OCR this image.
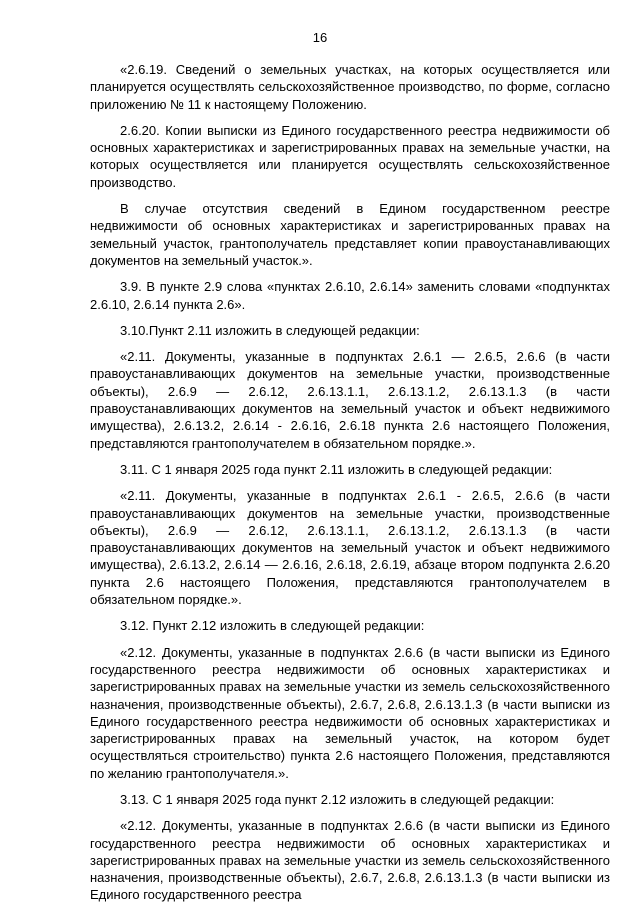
16

«2.6.19. Сведений о земельных участках, на которых осуществляется или планируется осуществлять сельскохозяйственное производство, по форме, согласно приложению № 11 к настоящему Положению.

2.6.20. Копии выписки из Единого государственного реестра недвижимости об основных характеристиках и зарегистрированных правах на земельные участки, на которых осуществляется или планируется осуществлять сельскохозяйственное производство.

В случае отсутствия сведений в Едином государственном реестре недвижимости об основных характеристиках и зарегистрированных правах на земельный участок, грантополучатель представляет копии правоустанавливающих документов на земельный участок.».

3.9. В пункте 2.9 слова «пунктах 2.6.10, 2.6.14» заменить словами «подпунктах 2.6.10, 2.6.14 пункта 2.6».

3.10.Пункт 2.11 изложить в следующей редакции:

«2.11. Документы, указанные в подпунктах 2.6.1 — 2.6.5, 2.6.6 (в части правоустанавливающих документов на земельные участки, производственные объекты), 2.6.9 — 2.6.12, 2.6.13.1.1, 2.6.13.1.2, 2.6.13.1.3 (в части правоустанавливающих документов на земельный участок и объект недвижимого имущества), 2.6.13.2, 2.6.14 - 2.6.16, 2.6.18 пункта 2.6 настоящего Положения, представляются грантополучателем в обязательном порядке.».

3.11. С 1 января 2025 года пункт 2.11 изложить в следующей редакции:

«2.11. Документы, указанные в подпунктах 2.6.1 - 2.6.5, 2.6.6 (в части правоустанавливающих документов на земельные участки, производственные объекты), 2.6.9 — 2.6.12, 2.6.13.1.1, 2.6.13.1.2, 2.6.13.1.3 (в части правоустанавливающих документов на земельный участок и объект недвижимого имущества), 2.6.13.2, 2.6.14 — 2.6.16, 2.6.18, 2.6.19, абзаце втором подпункта 2.6.20 пункта 2.6 настоящего Положения, представляются грантополучателем в обязательном порядке.».

3.12. Пункт 2.12 изложить в следующей редакции:

«2.12. Документы, указанные в подпунктах 2.6.6 (в части выписки из Единого государственного реестра недвижимости об основных характеристиках и зарегистрированных правах на земельные участки из земель сельскохозяйственного назначения, производственные объекты), 2.6.7, 2.6.8, 2.6.13.1.3 (в части выписки из Единого государственного реестра недвижимости об основных характеристиках и зарегистрированных правах на земельный участок, на котором будет осуществляться строительство) пункта 2.6 настоящего Положения, представляются по желанию грантополучателя.».

3.13. С 1 января 2025 года пункт 2.12 изложить в следующей редакции:

«2.12. Документы, указанные в подпунктах 2.6.6 (в части выписки из Единого государственного реестра недвижимости об основных характеристиках и зарегистрированных правах на земельные участки из земель сельскохозяйственного назначения, производственные объекты), 2.6.7, 2.6.8, 2.6.13.1.3 (в части выписки из Единого государственного реестра
